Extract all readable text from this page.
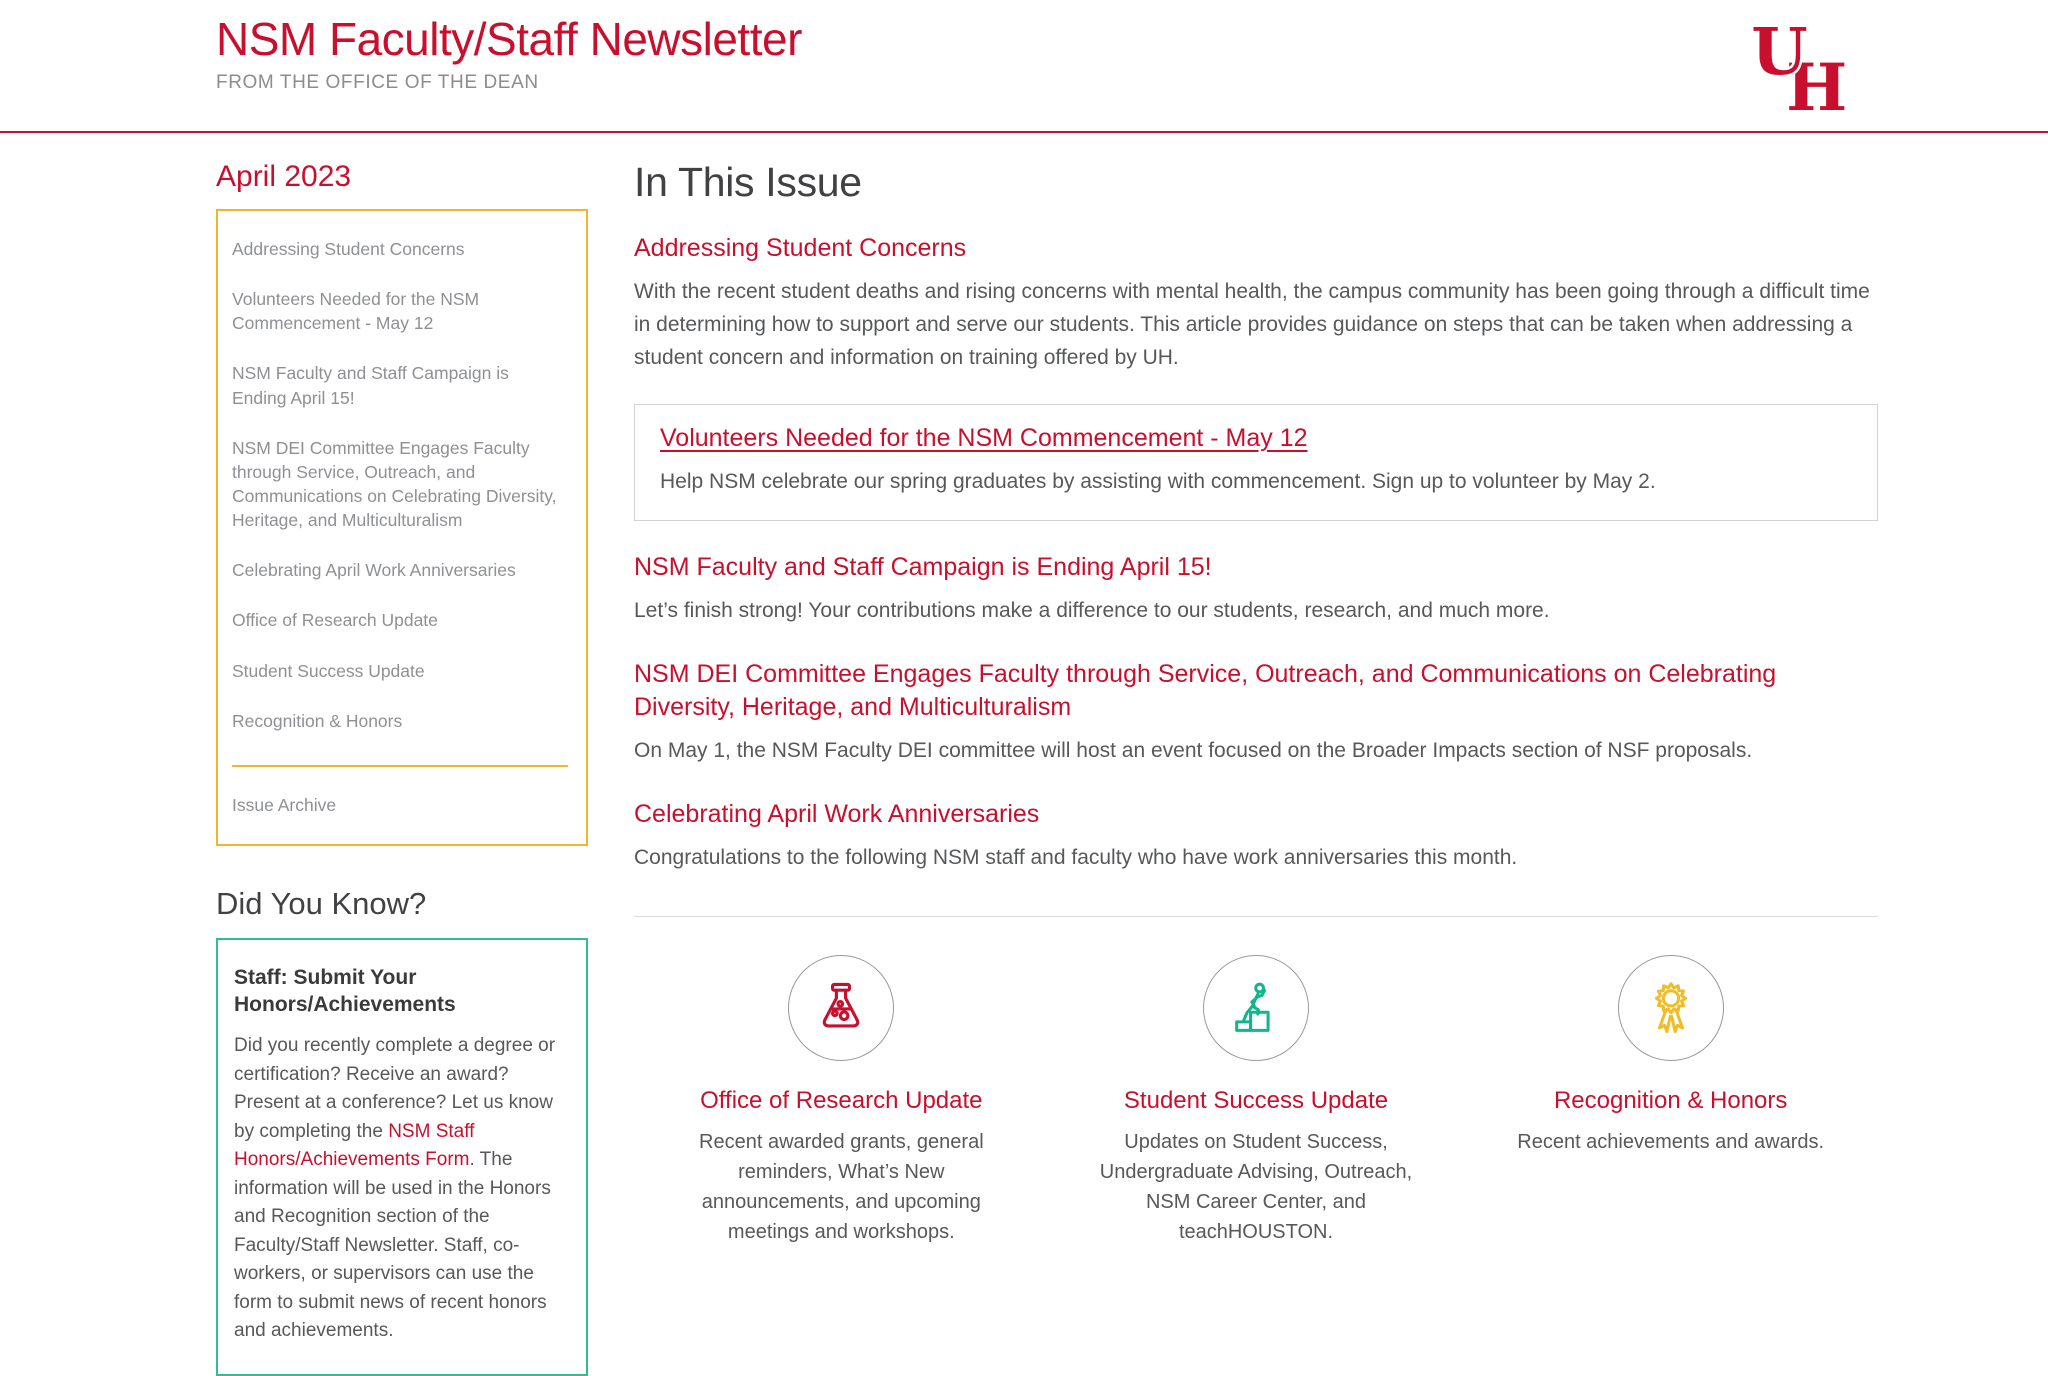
NSM Faculty/Staff Newsletter
FROM THE OFFICE OF THE DEAN	H
U
April 2023
Addressing Student Concerns
Volunteers Needed for the NSM Commencement - May 12
NSM Faculty and Staff Campaign is Ending April 15!
NSM DEI Committee Engages Faculty through Service, Outreach, and Communications on Celebrating Diversity, Heritage, and Multiculturalism
Celebrating April Work Anniversaries
Office of Research Update
Student Success Update
Recognition & Honors
Issue Archive
Did You Know?
Staff: Submit Your Honors/Achievements

Did you recently complete a degree or certification? Receive an award? Present at a conference? Let us know by completing the NSM Staff Honors/Achievements Form. The information will be used in the Honors and Recognition section of the Faculty/Staff Newsletter. Staff, co-workers, or supervisors can use the form to submit news of recent honors and achievements.

In This Issue
Addressing Student Concerns

With the recent student deaths and rising concerns with mental health, the campus community has been going through a difficult time in determining how to support and serve our students. This article provides guidance on steps that can be taken when addressing a student concern and information on training offered by UH.

Volunteers Needed for the NSM Commencement - May 12

Help NSM celebrate our spring graduates by assisting with commencement. Sign up to volunteer by May 2.

NSM Faculty and Staff Campaign is Ending April 15!

Let’s finish strong! Your contributions make a difference to our students, research, and much more.

NSM DEI Committee Engages Faculty through Service, Outreach, and Communications on Celebrating Diversity, Heritage, and Multiculturalism

On May 1, the NSM Faculty DEI committee will host an event focused on the Broader Impacts section of NSF proposals.

Celebrating April Work Anniversaries

Congratulations to the following NSM staff and faculty who have work anniversaries this month.

Office of Research Update

Recent awarded grants, general reminders, What’s New announcements, and upcoming meetings and workshops.

Student Success Update

Updates on Student Success, Undergraduate Advising, Outreach, NSM Career Center, and teachHOUSTON.

Recognition & Honors

Recent achievements and awards.
